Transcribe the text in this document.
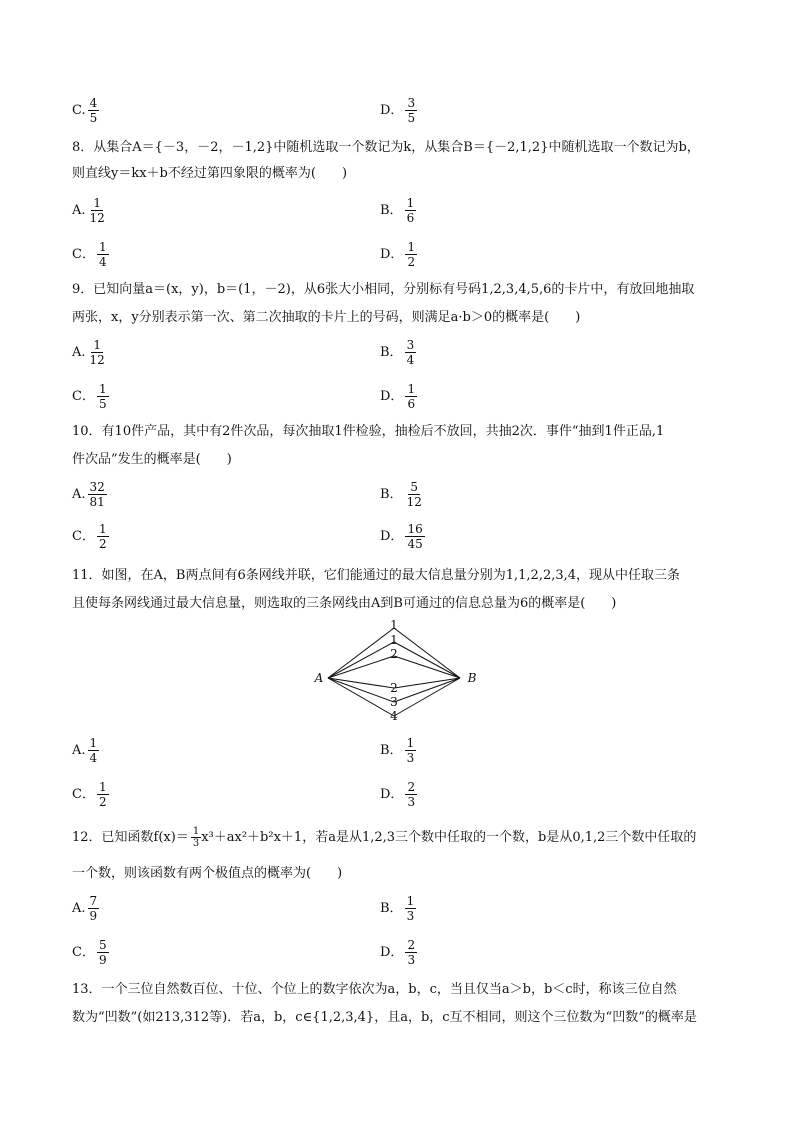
C. $\frac{4}{5}$	D． $\frac{3}{5}$
8．从集合A＝{－3，－2，－1,2}中随机选取一个数记为k，从集合B＝{－2,1,2}中随机选取一个数记为b，
则直线y＝kx＋b不经过第四象限的概率为(　　)
A. $\frac{1}{12}$	B． $\frac{1}{6}$
C． $\frac{1}{4}$	D． $\frac{1}{2}$
9．已知向量a＝(x，y)，b＝(1，－2)，从6张大小相同，分别标有号码1,2,3,4,5,6的卡片中，有放回地抽取
两张，x，y分别表示第一次、第二次抽取的卡片上的号码，则满足a·b＞0的概率是(　　)
A. $\frac{1}{12}$	B． $\frac{3}{4}$
C． $\frac{1}{5}$	D． $\frac{1}{6}$
10．有10件产品，其中有2件次品，每次抽取1件检验，抽检后不放回，共抽2次．事件“抽到1件正品,1
件次品”发生的概率是(　　)
A. $\frac{32}{81}$	B． $\frac{5}{12}$
C． $\frac{1}{2}$	D． $\frac{16}{45}$
11．如图，在A，B两点间有6条网线并联，它们能通过的最大信息量分别为1,1,2,2,3,4，现从中任取三条
且使每条网线通过最大信息量，则选取的三条网线由A到B可通过的信息总量为6的概率是(　　)
A	B
1
1
2
2
3
4
A. $\frac{1}{4}$	B． $\frac{1}{3}$
C． $\frac{1}{2}$	D． $\frac{2}{3}$
12．已知函数$f(x)= \frac{1}{3} x^3+ax^2+b^2x+1$，若a是从1,2,3三个数中任取的一个数，b是从0,1,2三个数中任取的
一个数，则该函数有两个极值点的概率为(　　)
A. $\frac{7}{9}$	B． $\frac{1}{3}$
C． $\frac{5}{9}$	D． $\frac{2}{3}$
13．一个三位自然数百位、十位、个位上的数字依次为a，b，c，当且仅当a＞b，b＜c时，称该三位自然
数为“凹数”(如213,312等)．若a，b，c∈{1,2,3,4}，且a，b，c互不相同，则这个三位数为“凹数”的概率是
